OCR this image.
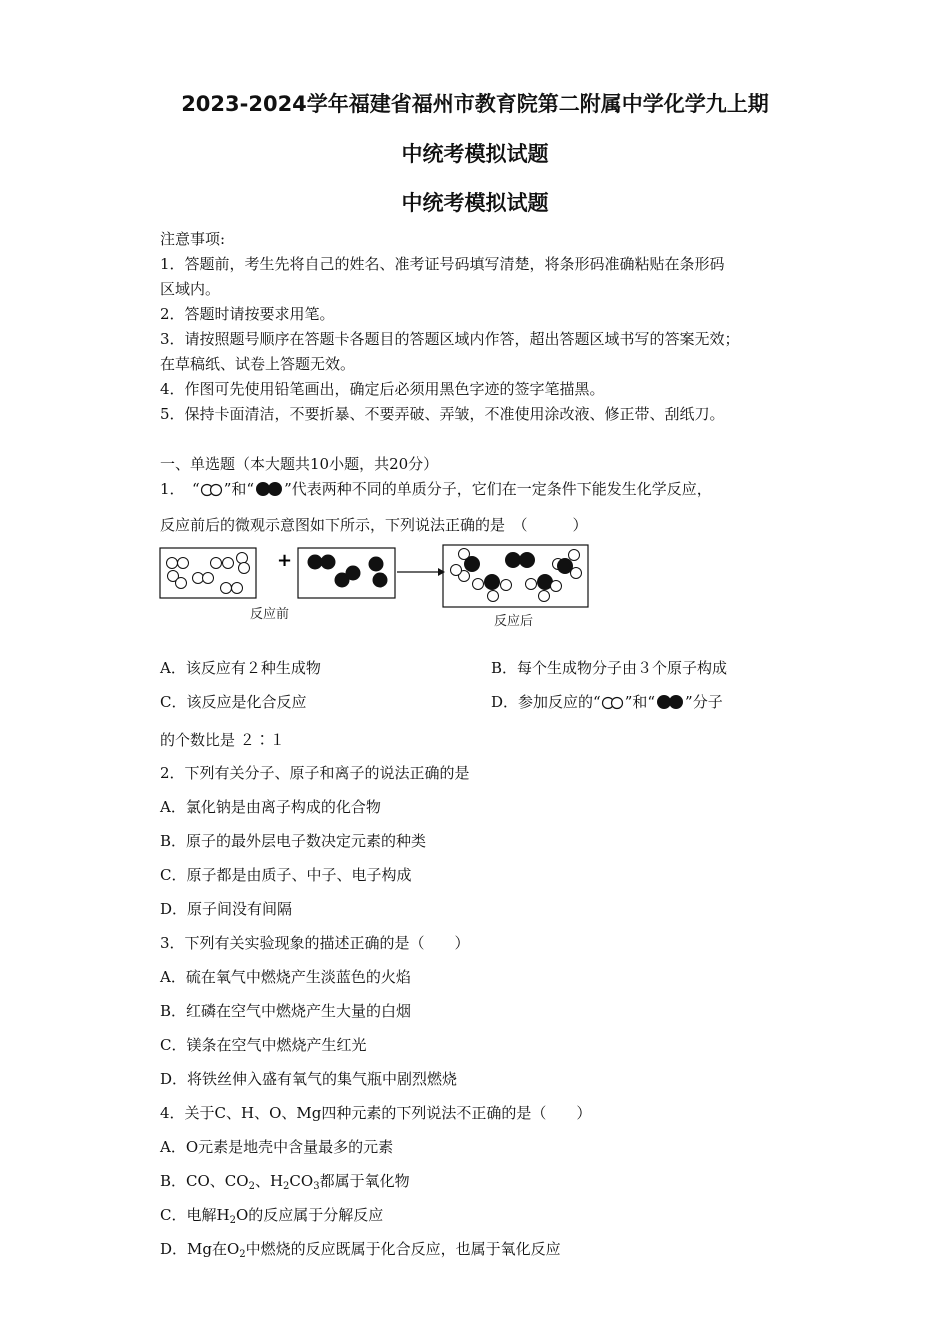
2023-2024学年福建省福州市教育院第二附属中学化学九上期
中统考模拟试题
中统考模拟试题
注意事项:
1．答题前，考生先将自己的姓名、准考证号码填写清楚，将条形码准确粘贴在条形码
区域内。
2．答题时请按要求用笔。
3．请按照题号顺序在答题卡各题目的答题区域内作答，超出答题区域书写的答案无效；
在草稿纸、试卷上答题无效。
4．作图可先使用铅笔画出，确定后必须用黑色字迹的签字笔描黑。
5．保持卡面清洁，不要折暴、不要弄破、弄皱，不准使用涂改液、修正带、刮纸刀。
一、单选题（本大题共10小题，共20分）
1．　“ ”和“ ”代表两种不同的单质分子，它们在一定条件下能发生化学反应，
反应前后的微观示意图如下所示，下列说法正确的是　（　　　）
+
反应前	反应后
A．该反应有２种生成物	B．每个生成物分子由３个原子构成
C．该反应是化合反应	D．参加反应的“ ”和“ ”分子
的个数比是 ２∶１
2．下列有关分子、原子和离子的说法正确的是
A．氯化钠是由离子构成的化合物
B．原子的最外层电子数决定元素的种类
C．原子都是由质子、中子、电子构成
D．原子间没有间隔
3．下列有关实验现象的描述正确的是（　　）
A．硫在氧气中燃烧产生淡蓝色的火焰
B．红磷在空气中燃烧产生大量的白烟
C．镁条在空气中燃烧产生红光
D．将铁丝伸入盛有氧气的集气瓶中剧烈燃烧
4．关于C、H、O、Mg四种元素的下列说法不正确的是（　　）
A．O元素是地壳中含量最多的元素
B．CO、$CO_2$、$H_2CO_3$都属于氧化物
C．电解$H_2O$的反应属于分解反应
D．Mg在$O_2$中燃烧的反应既属于化合反应，也属于氧化反应
